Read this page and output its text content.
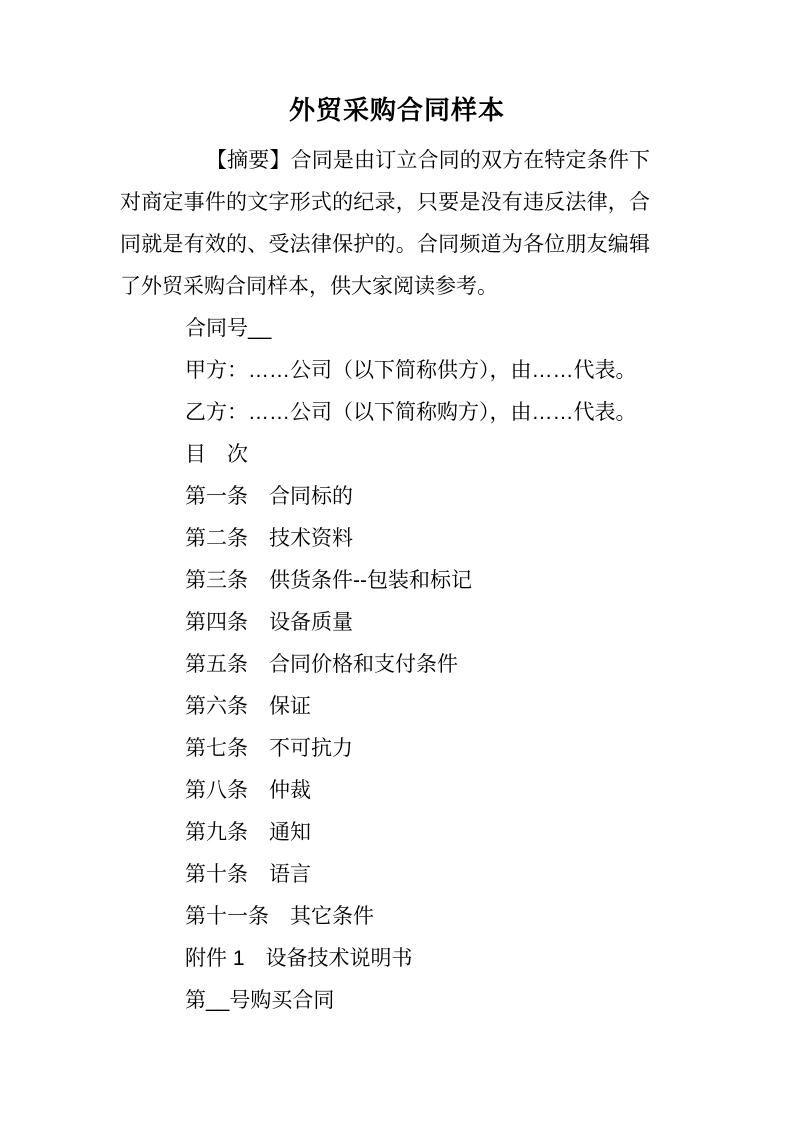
外贸采购合同样本

【摘要】合同是由订立合同的双方在特定条件下对商定事件的文字形式的纪录，只要是没有违反法律，合同就是有效的、受法律保护的。合同频道为各位朋友编辑了外贸采购合同样本，供大家阅读参考。

合同号__
甲方：……公司（以下简称供方），由……代表。
乙方：……公司（以下简称购方），由……代表。
目　次
第一条　合同标的
第二条　技术资料
第三条　供货条件--包装和标记
第四条　设备质量
第五条　合同价格和支付条件
第六条　保证
第七条　不可抗力
第八条　仲裁
第九条　通知
第十条　语言
第十一条　其它条件
附件 1　设备技术说明书
第__号购买合同
